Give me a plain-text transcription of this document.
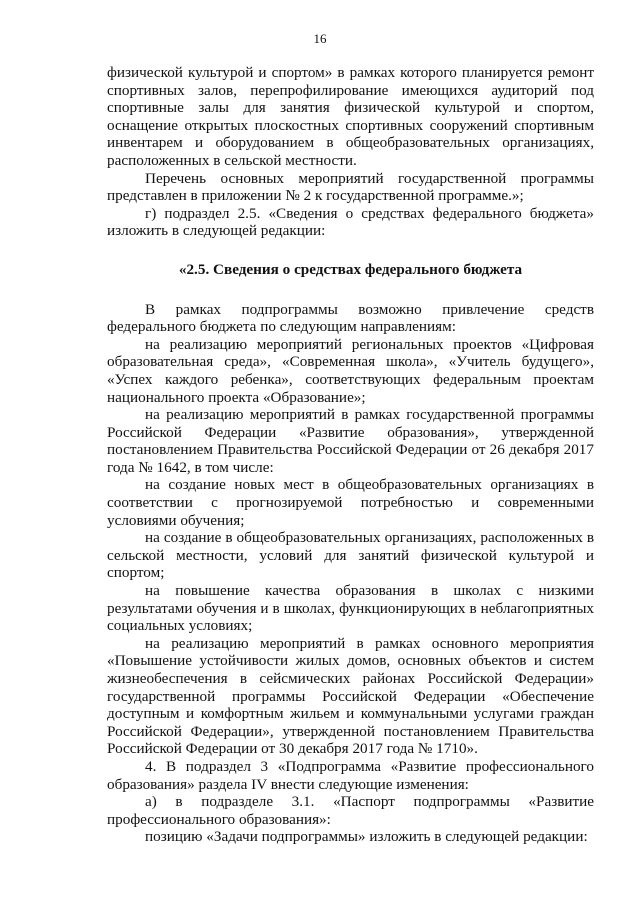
16

физической культурой и спортом» в рамках которого планируется ремонт спортивных залов, перепрофилирование имеющихся аудиторий под спортивные залы для занятия физической культурой и спортом, оснащение открытых плоскостных спортивных сооружений спортивным инвентарем и оборудованием в общеобразовательных организациях, расположенных в сельской местности.

Перечень основных мероприятий государственной программы представлен в приложении № 2 к государственной программе.»;

г) подраздел 2.5. «Сведения о средствах федерального бюджета» изложить в следующей редакции:

«2.5. Сведения о средствах федерального бюджета

В рамках подпрограммы возможно привлечение средств федерального бюджета по следующим направлениям:

на реализацию мероприятий региональных проектов «Цифровая образовательная среда», «Современная школа», «Учитель будущего», «Успех каждого ребенка», соответствующих федеральным проектам национального проекта «Образование»;

на реализацию мероприятий в рамках государственной программы Российской Федерации «Развитие образования», утвержденной постановлением Правительства Российской Федерации от 26 декабря 2017 года № 1642, в том числе:

на создание новых мест в общеобразовательных организациях в соответствии с прогнозируемой потребностью и современными условиями обучения;

на создание в общеобразовательных организациях, расположенных в сельской местности, условий для занятий физической культурой и спортом;

на повышение качества образования в школах с низкими результатами обучения и в школах, функционирующих в неблагоприятных социальных условиях;

на реализацию мероприятий в рамках основного мероприятия «Повышение устойчивости жилых домов, основных объектов и систем жизнеобеспечения в сейсмических районах Российской Федерации» государственной программы Российской Федерации «Обеспечение доступным и комфортным жильем и коммунальными услугами граждан Российской Федерации», утвержденной постановлением Правительства Российской Федерации от 30 декабря 2017 года № 1710».

4. В подраздел 3 «Подпрограмма «Развитие профессионального образования» раздела IV внести следующие изменения:

а) в подразделе 3.1. «Паспорт подпрограммы «Развитие профессионального образования»:

позицию «Задачи подпрограммы» изложить в следующей редакции:
